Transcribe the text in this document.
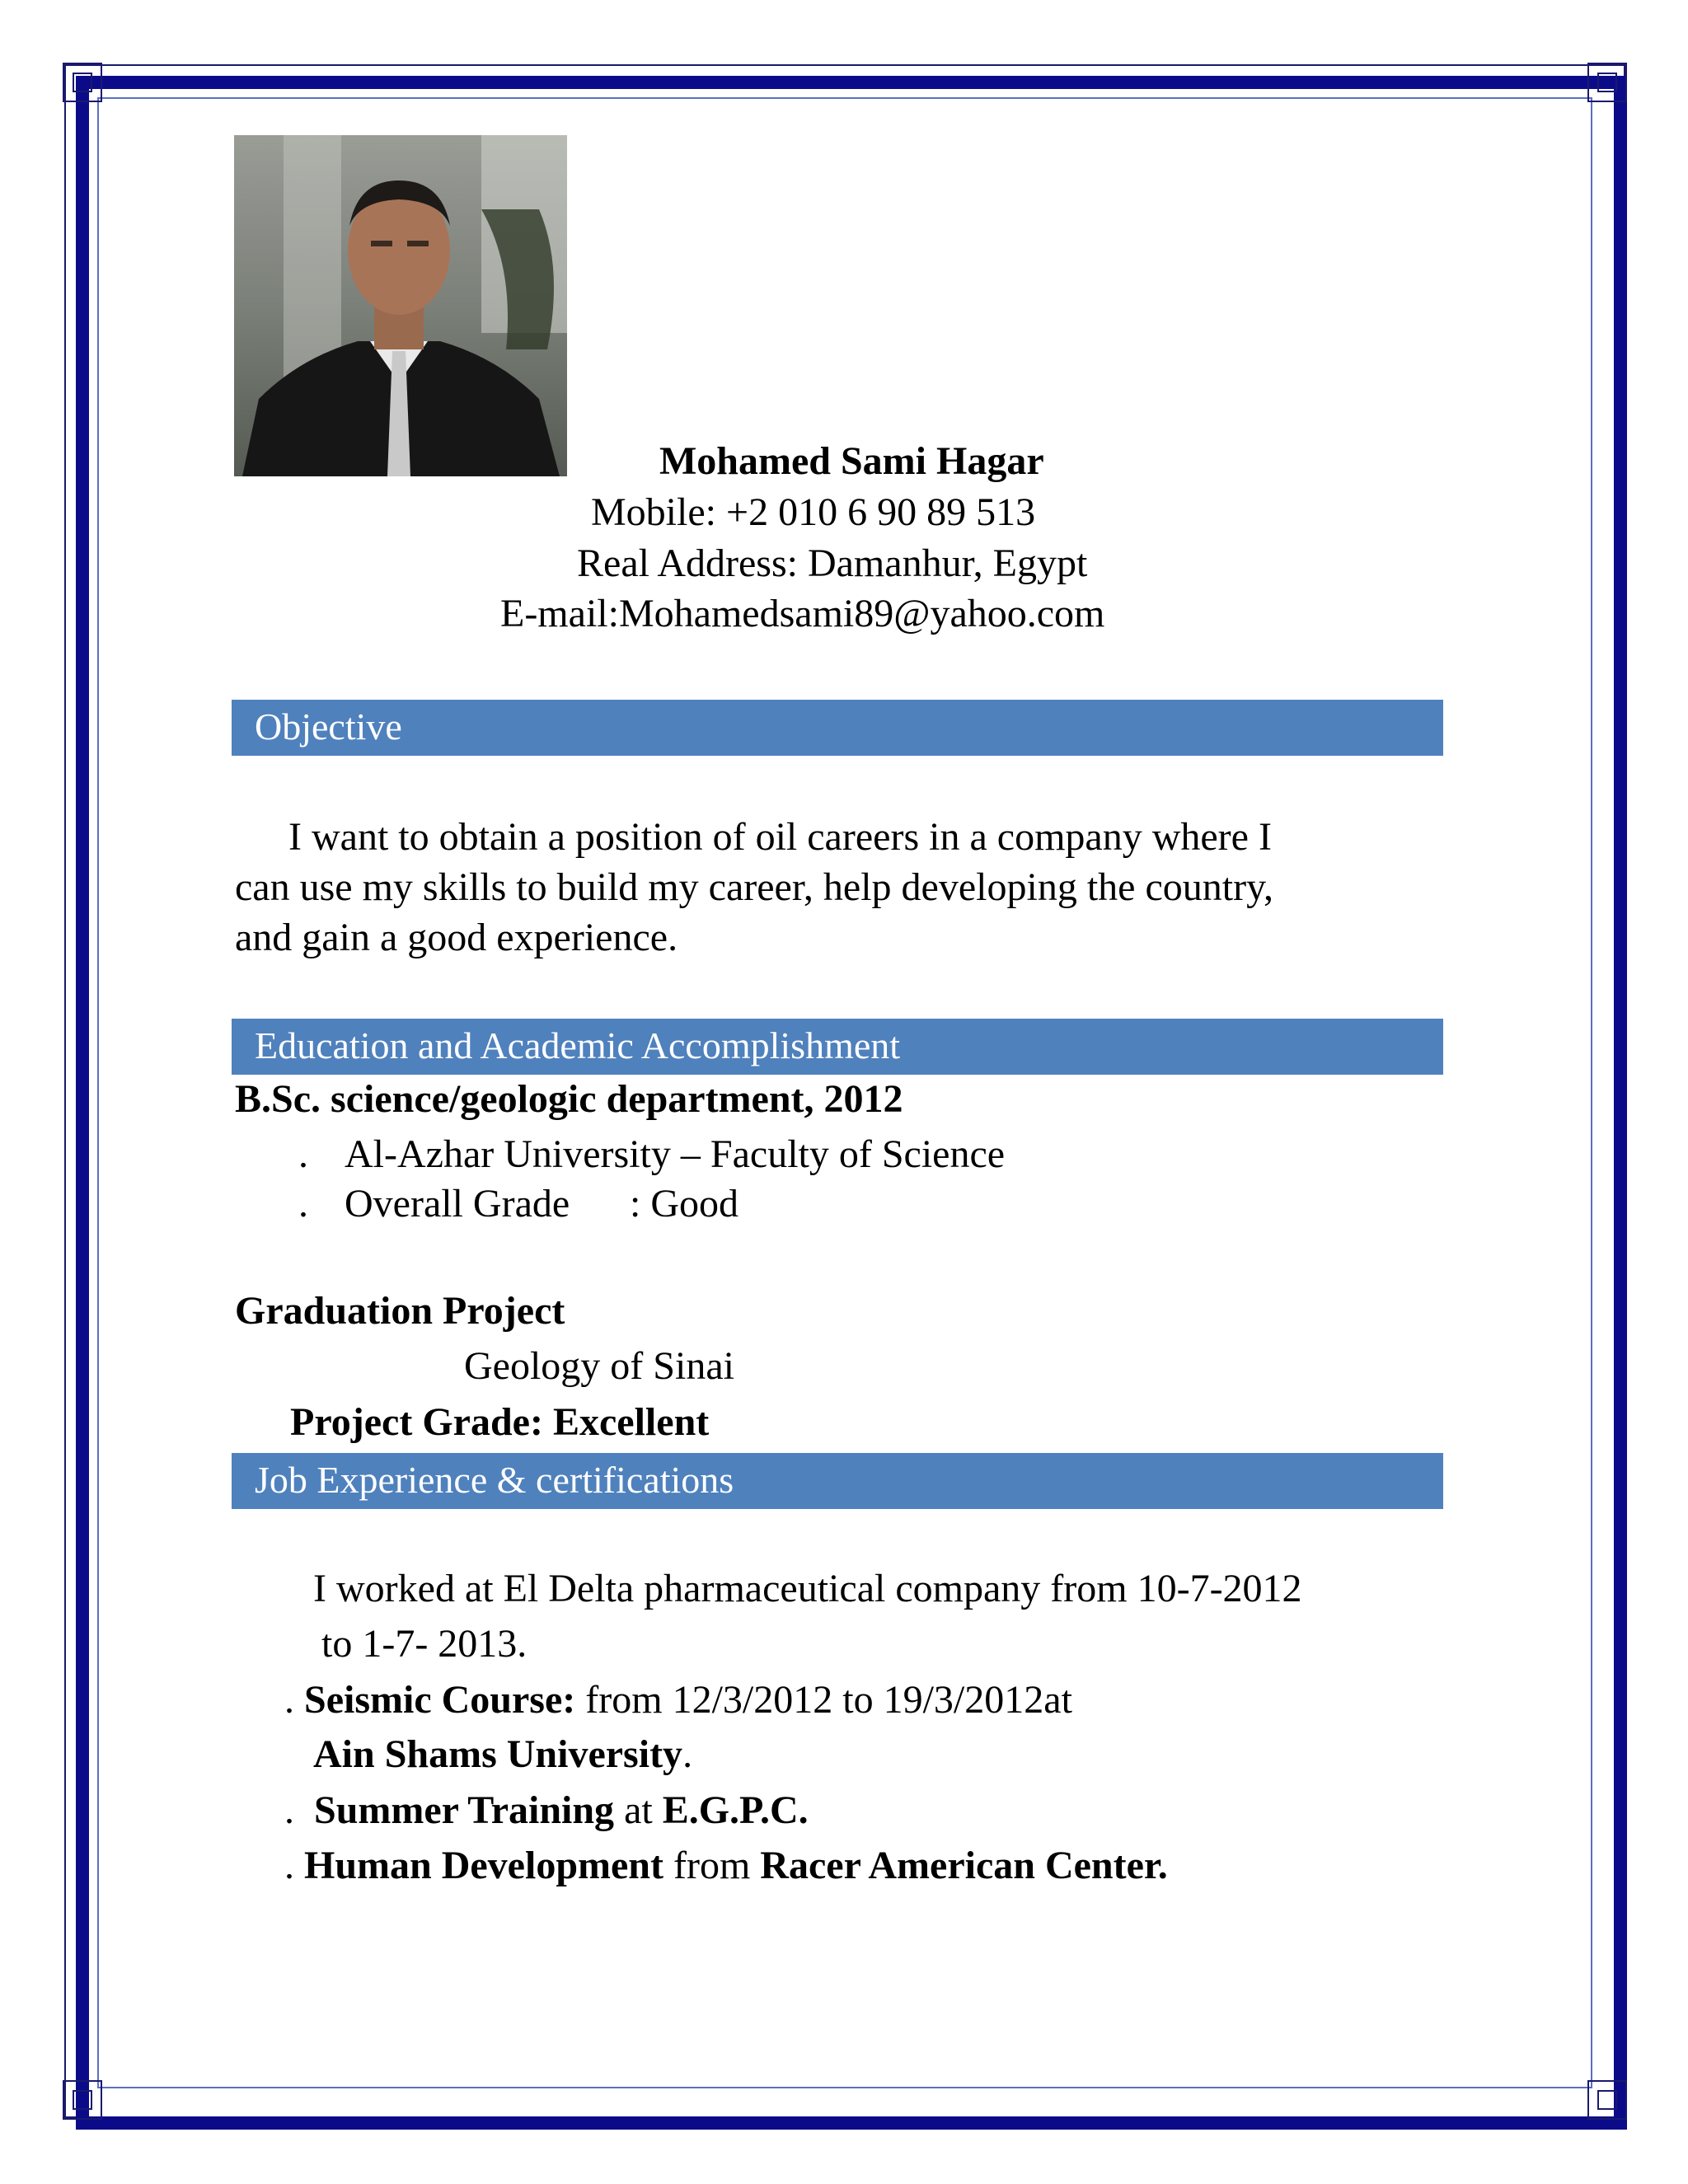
Mohamed Sami Hagar
Mobile: +2 010 6 90 89 513
Real Address: Damanhur, Egypt
E-mail:Mohamedsami89@yahoo.com
Objective
I want to obtain a position of oil careers in a company where I
can use my skills to build my career, help developing the country,
and gain a good experience.
Education and Academic Accomplishment
B.Sc. science/geologic department, 2012
. Al-Azhar University – Faculty of Science
. Overall Grade : Good
Graduation Project
Geology of Sinai
Project Grade: Excellent
Job Experience & certifications
I worked at El Delta pharmaceutical company from 10-7-2012
to 1-7- 2013.
. Seismic Course: from 12/3/2012 to 19/3/2012at
Ain Shams University.
. Summer Training at E.G.P.C.
. Human Development from Racer American Center.
